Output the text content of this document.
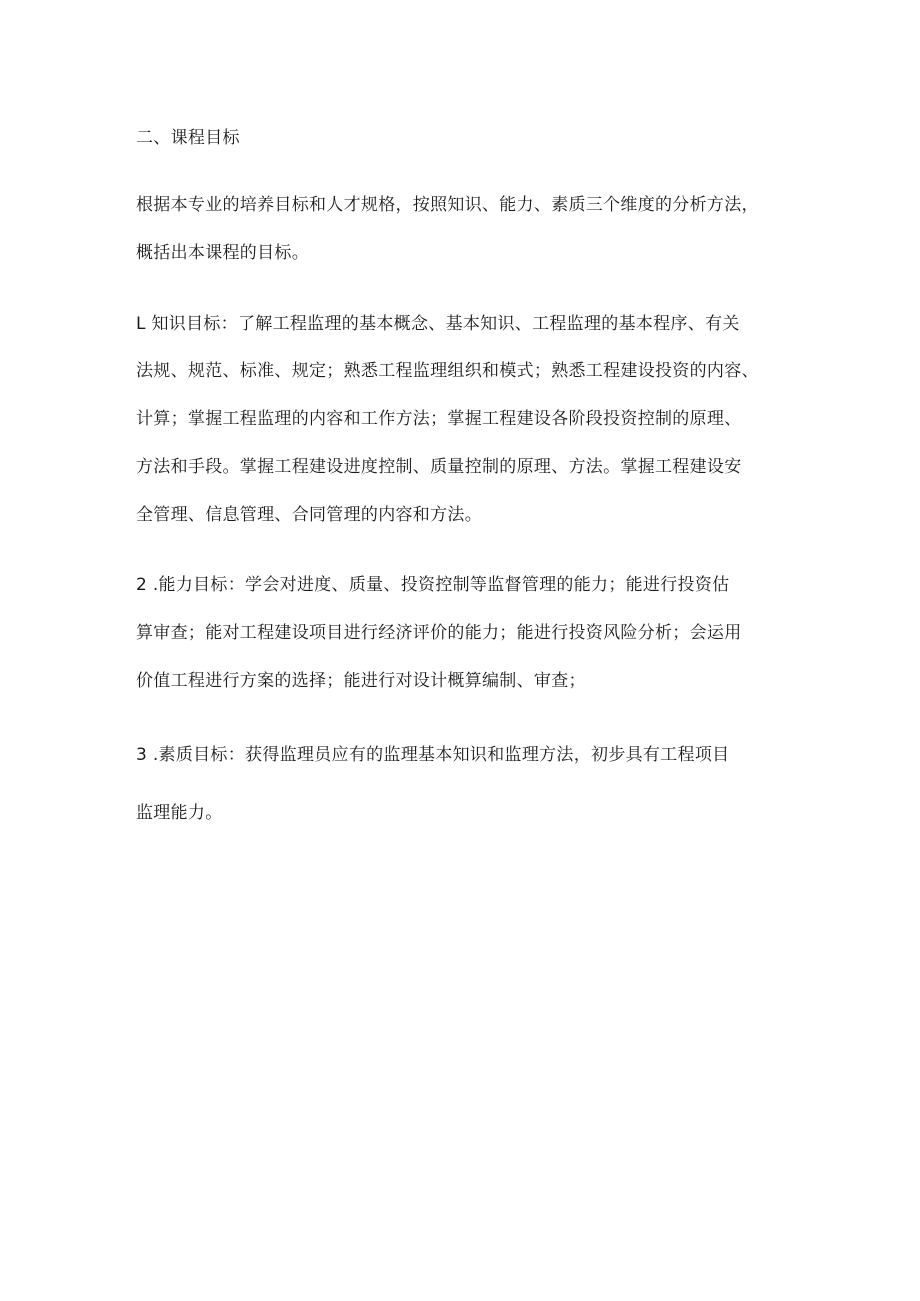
二、课程目标
根据本专业的培养目标和人才规格，按照知识、能力、素质三个维度的分析方法，
概括出本课程的目标。
L 知识目标：了解工程监理的基本概念、基本知识、工程监理的基本程序、有关
法规、规范、标准、规定；熟悉工程监理组织和模式；熟悉工程建设投资的内容、
计算；掌握工程监理的内容和工作方法；掌握工程建设各阶段投资控制的原理、
方法和手段。掌握工程建设进度控制、质量控制的原理、方法。掌握工程建设安
全管理、信息管理、合同管理的内容和方法。
2 .能力目标：学会对进度、质量、投资控制等监督管理的能力；能进行投资估
算审查；能对工程建设项目进行经济评价的能力；能进行投资风险分析；会运用
价值工程进行方案的选择；能进行对设计概算编制、审查；
3 .素质目标：获得监理员应有的监理基本知识和监理方法，初步具有工程项目
监理能力。
